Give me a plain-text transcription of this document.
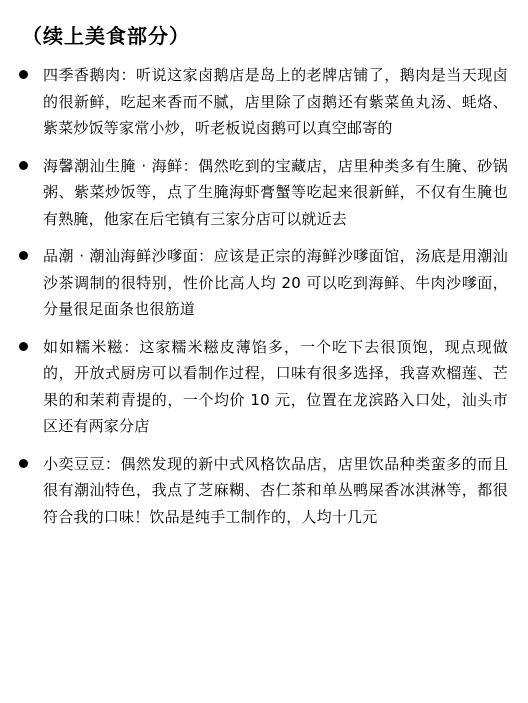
（续上美食部分）
四季香鹅肉：听说这家卤鹅店是岛上的老牌店铺了，鹅肉是当天现卤的很新鲜，吃起来香而不腻，店里除了卤鹅还有紫菜鱼丸汤、蚝烙、紫菜炒饭等家常小炒，听老板说卤鹅可以真空邮寄的
海馨潮汕生腌 · 海鲜：偶然吃到的宝藏店，店里种类多有生腌、砂锅粥、紫菜炒饭等，点了生腌海虾膏蟹等吃起来很新鲜，不仅有生腌也有熟腌，他家在后宅镇有三家分店可以就近去
品潮 · 潮汕海鲜沙嗲面：应该是正宗的海鲜沙嗲面馆，汤底是用潮汕沙茶调制的很特别，性价比高人均 20 可以吃到海鲜、牛肉沙嗲面，分量很足面条也很筋道
如如糯米糍：这家糯米糍皮薄馅多，一个吃下去很顶饱，现点现做的，开放式厨房可以看制作过程，口味有很多选择，我喜欢榴莲、芒果的和茉莉青提的，一个均价 10 元，位置在龙滨路入口处，汕头市区还有两家分店
小奕豆豆：偶然发现的新中式风格饮品店，店里饮品种类蛮多的而且很有潮汕特色，我点了芝麻糊、杏仁茶和单丛鸭屎香冰淇淋等，都很符合我的口味！饮品是纯手工制作的，人均十几元
